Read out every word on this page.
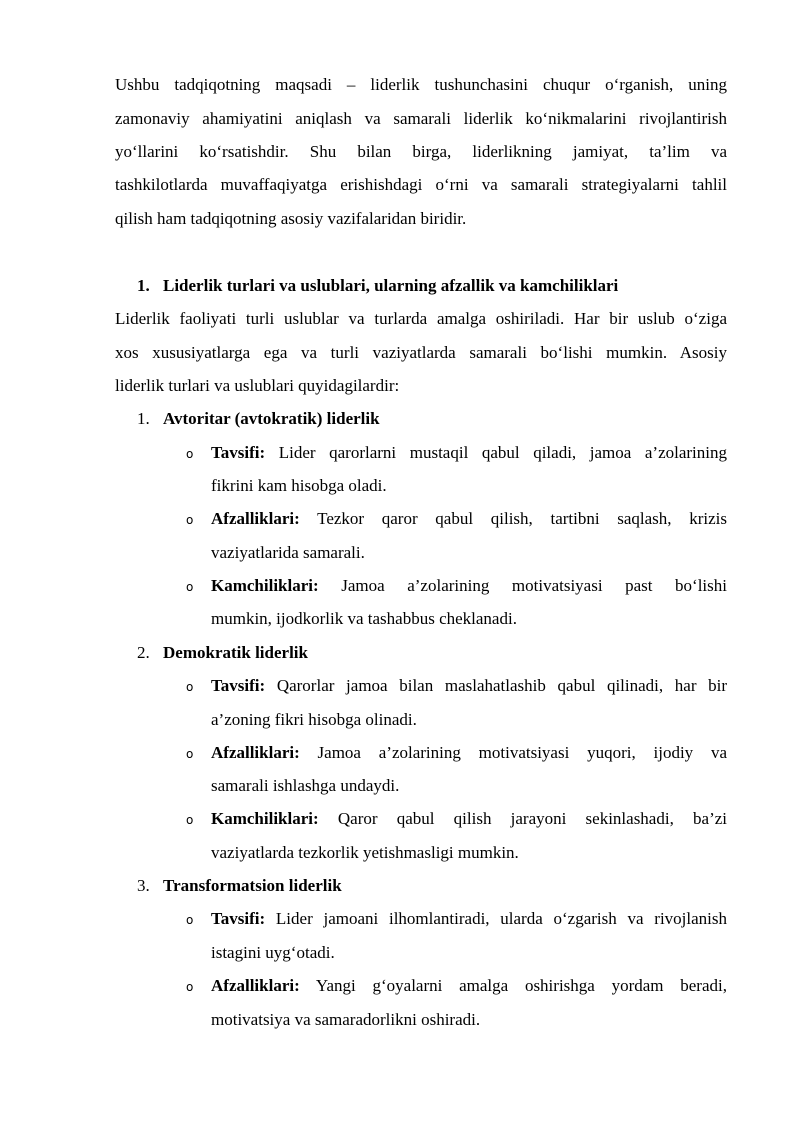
Ushbu tadqiqotning maqsadi – liderlik tushunchasini chuqur o‘rganish, uning
zamonaviy ahamiyatini aniqlash va samarali liderlik ko‘nikmalarini rivojlantirish
yo‘llarini ko‘rsatishdir. Shu bilan birga, liderlikning jamiyat, ta’lim va
tashkilotlarda muvaffaqiyatga erishishdagi o‘rni va samarali strategiyalarni tahlil
qilish ham tadqiqotning asosiy vazifalaridan biridir.
1. Liderlik turlari va uslublari, ularning afzallik va kamchiliklari
Liderlik faoliyati turli uslublar va turlarda amalga oshiriladi. Har bir uslub o‘ziga
xos xususiyatlarga ega va turli vaziyatlarda samarali bo‘lishi mumkin. Asosiy
liderlik turlari va uslublari quyidagilardir:
1. Avtoritar (avtokratik) liderlik
o Tavsifi: Lider qarorlarni mustaqil qabul qiladi, jamoa a’zolarining
fikrini kam hisobga oladi.
o Afzalliklari: Tezkor qaror qabul qilish, tartibni saqlash, krizis
vaziyatlarida samarali.
o Kamchiliklari: Jamoa a’zolarining motivatsiyasi past bo‘lishi
mumkin, ijodkorlik va tashabbus cheklanadi.
2. Demokratik liderlik
o Tavsifi: Qarorlar jamoa bilan maslahatlashib qabul qilinadi, har bir
a’zoning fikri hisobga olinadi.
o Afzalliklari: Jamoa a’zolarining motivatsiyasi yuqori, ijodiy va
samarali ishlashga undaydi.
o Kamchiliklari: Qaror qabul qilish jarayoni sekinlashadi, ba’zi
vaziyatlarda tezkorlik yetishmasligi mumkin.
3. Transformatsion liderlik
o Tavsifi: Lider jamoani ilhomlantiradi, ularda o‘zgarish va rivojlanish
istagini uyg‘otadi.
o Afzalliklari: Yangi g‘oyalarni amalga oshirishga yordam beradi,
motivatsiya va samaradorlikni oshiradi.
